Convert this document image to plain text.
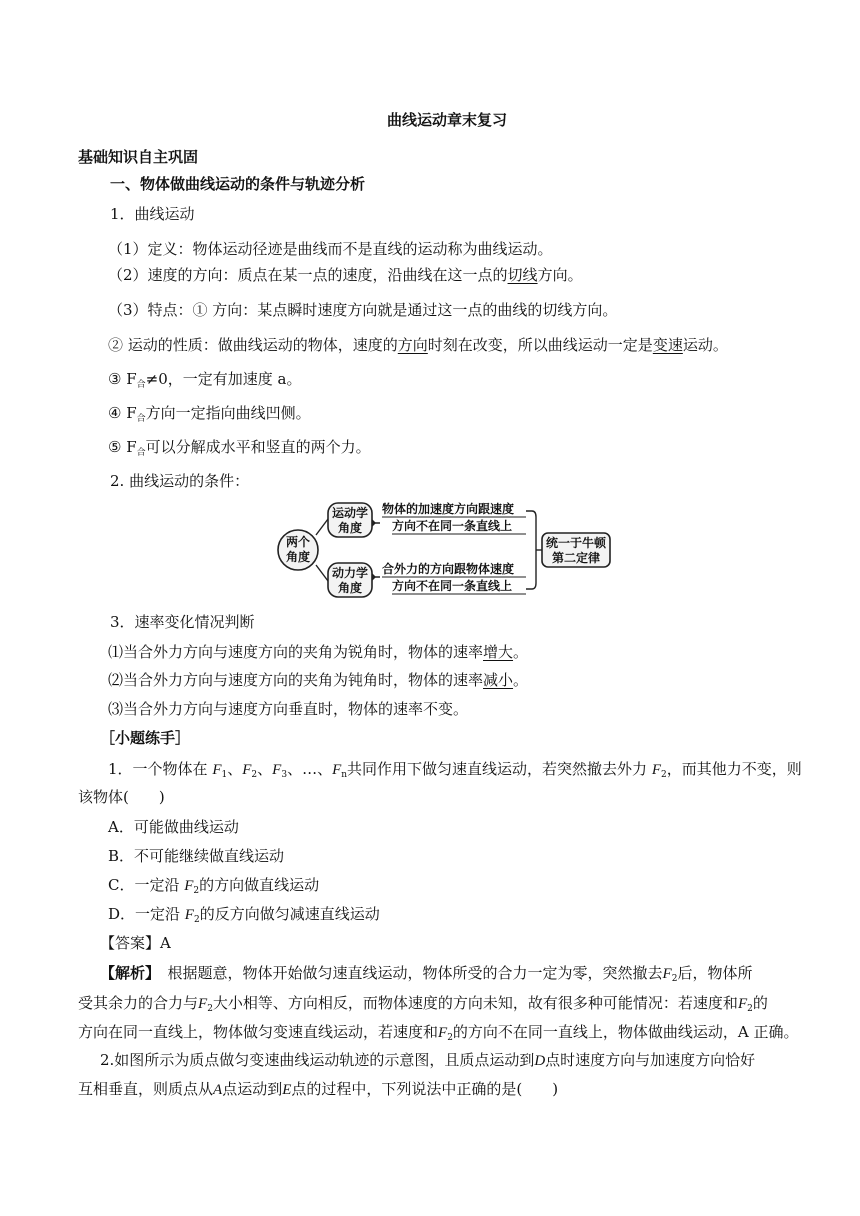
曲线运动章末复习
基础知识自主巩固
一、物体做曲线运动的条件与轨迹分析
1．曲线运动
（1）定义：物体运动径迹是曲线而不是直线的运动称为曲线运动。
（2）速度的方向：质点在某一点的速度，沿曲线在这一点的切线方向。
（3）特点：① 方向：某点瞬时速度方向就是通过这一点的曲线的切线方向。
② 运动的性质：做曲线运动的物体，速度的方向时刻在改变，所以曲线运动一定是变速运动。
③ $F_合\ne 0$，一定有加速度 a。
④ $F_合$方向一定指向曲线凹侧。
⑤ $F_合$可以分解成水平和竖直的两个力。
2. 曲线运动的条件：
两个
角度
运动学
角度
物体的加速度方向跟速度
方向不在同一条直线上
动力学
角度
合外力的方向跟物体速度
方向不在同一条直线上
统一于牛顿
第二定律
3．速率变化情况判断
⑴当合外力方向与速度方向的夹角为锐角时，物体的速率增大。
⑵当合外力方向与速度方向的夹角为钝角时，物体的速率减小。
⑶当合外力方向与速度方向垂直时，物体的速率不变。
［小题练手］
1．一个物体在 $F_1$、$F_2$、$F_3$、…、$F_n$共同作用下做匀速直线运动，若突然撤去外力 $F_2$，而其他力不变，则
该物体(　　)
A．可能做曲线运动
B．不可能继续做直线运动
C．一定沿 $F_2$的方向做直线运动
D．一定沿 $F_2$的反方向做匀减速直线运动
【答案】A
【解析】　根据题意，物体开始做匀速直线运动，物体所受的合力一定为零，突然撤去$F_2$后，物体所
受其余力的合力与$F_2$大小相等、方向相反，而物体速度的方向未知，故有很多种可能情况：若速度和$F_2$的
方向在同一直线上，物体做匀变速直线运动，若速度和$F_2$的方向不在同一直线上，物体做曲线运动，A 正确。
2.如图所示为质点做匀变速曲线运动轨迹的示意图，且质点运动到D点时速度方向与加速度方向恰好
互相垂直，则质点从A点运动到E点的过程中，下列说法中正确的是(　　)
